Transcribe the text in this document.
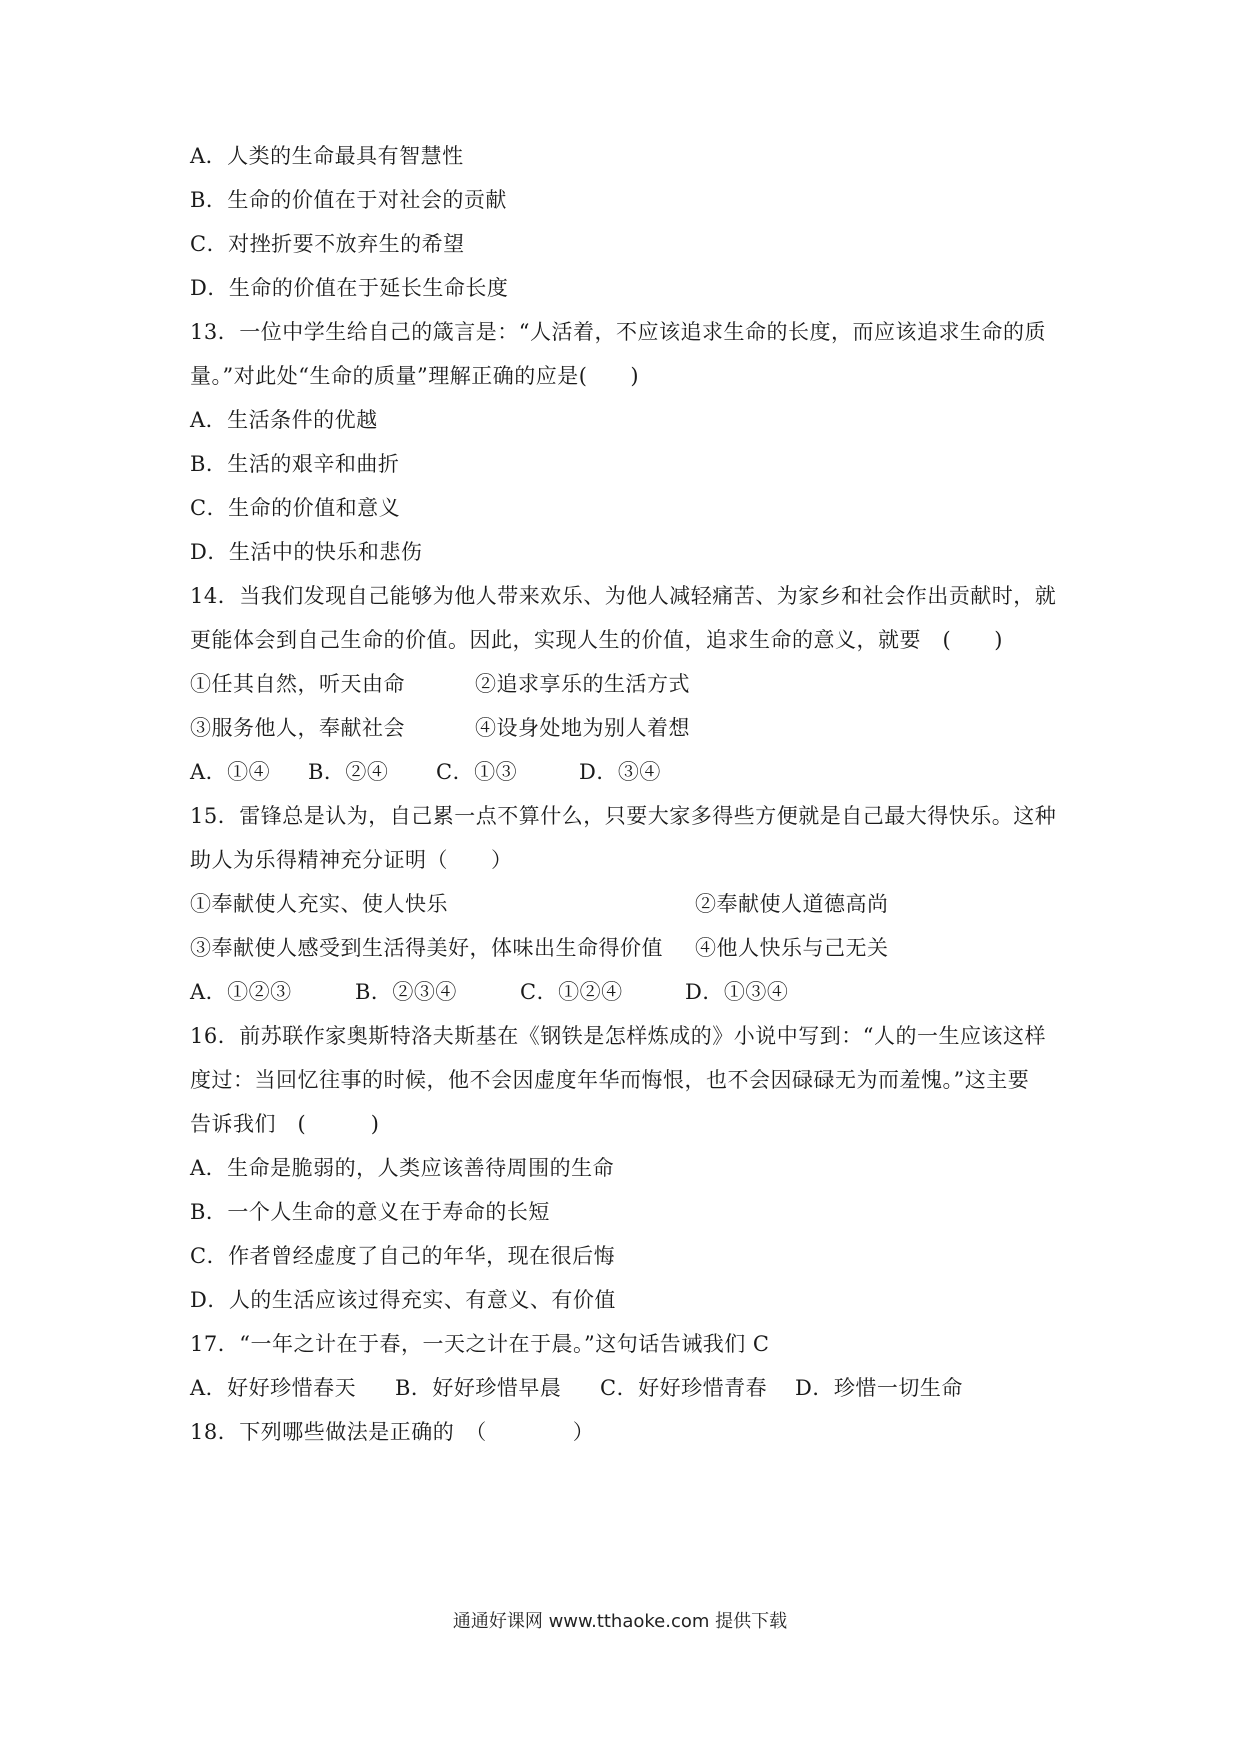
A．人类的生命最具有智慧性
B．生命的价值在于对社会的贡献
C．对挫折要不放弃生的希望
D．生命的价值在于延长生命长度
13．一位中学生给自己的箴言是：“人活着，不应该追求生命的长度，而应该追求生命的质
量。”对此处“生命的质量”理解正确的应是(　　)
A．生活条件的优越
B．生活的艰辛和曲折
C．生命的价值和意义
D．生活中的快乐和悲伤
14．当我们发现自己能够为他人带来欢乐、为他人减轻痛苦、为家乡和社会作出贡献时，就
更能体会到自己生命的价值。因此，实现人生的价值，追求生命的意义，就要　(　　)
①任其自然，听天由命	②追求享乐的生活方式
③服务他人，奉献社会	④设身处地为别人着想
A．①④ B．②④ C．①③	D．③④
15．雷锋总是认为，自己累一点不算什么，只要大家多得些方便就是自己最大得快乐。这种
助人为乐得精神充分证明（　　）
①奉献使人充实、使人快乐	②奉献使人道德高尚
③奉献使人感受到生活得美好，体味出生命得价值 ④他人快乐与己无关
A．①②③	B．②③④	C．①②④	D．①③④
16．前苏联作家奥斯特洛夫斯基在《钢铁是怎样炼成的》小说中写到：“人的一生应该这样
度过：当回忆往事的时候，他不会因虚度年华而悔恨，也不会因碌碌无为而羞愧。”这主要
告诉我们　(　　　)
A．生命是脆弱的，人类应该善待周围的生命
B．一个人生命的意义在于寿命的长短
C．作者曾经虚度了自己的年华，现在很后悔
D．人的生活应该过得充实、有意义、有价值
17．“一年之计在于春，一天之计在于晨。”这句话告诫我们 C
A．好好珍惜春天 B．好好珍惜早晨 C．好好珍惜青春 D．珍惜一切生命
18．下列哪些做法是正确的　（　　　　）
通通好课网 www.tthaoke.com 提供下载
